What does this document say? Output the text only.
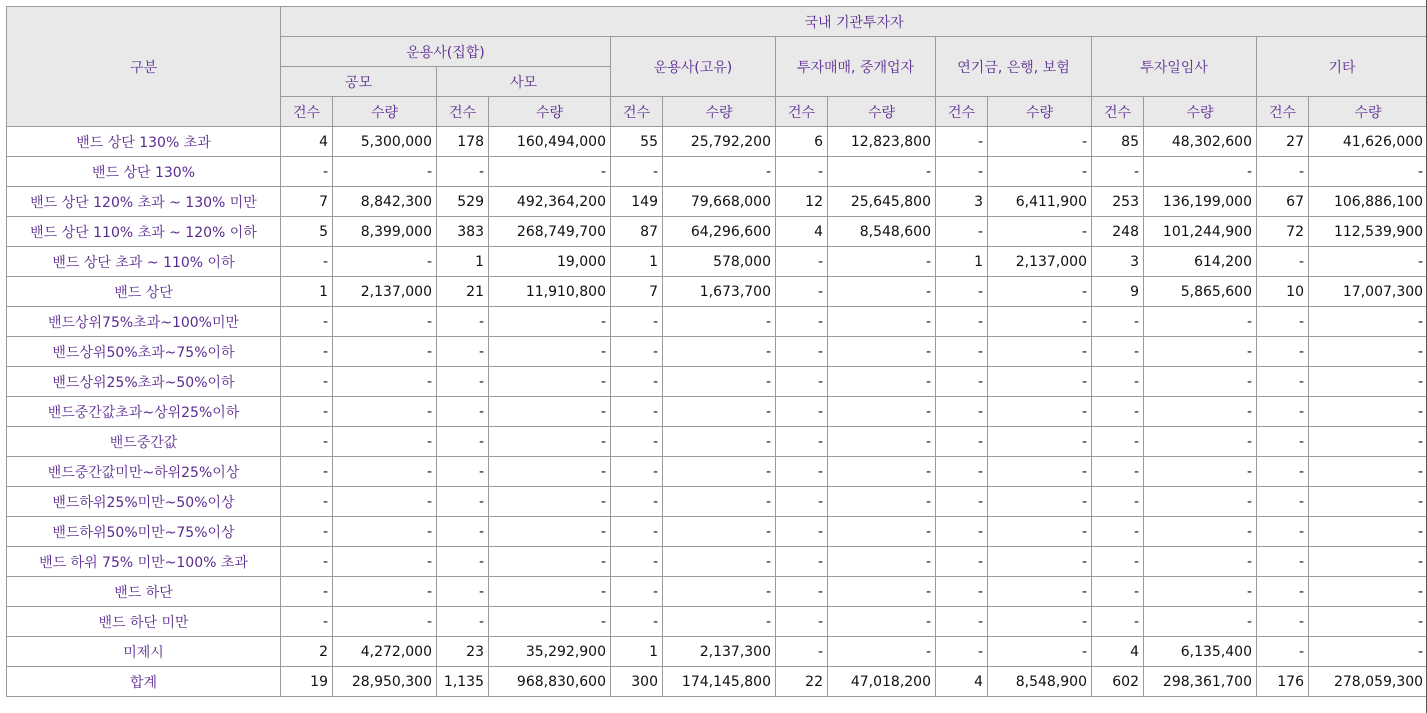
구분	국내 기관투자자													
	운용사(집합)				운용사(고유)		투자매매, 중개업자		연기금, 은행, 보험		투자일임사		기타	
	공모		사모											
	건수	수량	건수	수량	건수	수량	건수	수량	건수	수량	건수	수량	건수	수량
밴드 상단 130% 초과	4	5,300,000	178	160,494,000	55	25,792,200	6	12,823,800	-	-	85	48,302,600	27	41,626,000
밴드 상단 130%	-	-	-	-	-	-	-	-	-	-	-	-	-	-
밴드 상단 120% 초과 ~ 130% 미만	7	8,842,300	529	492,364,200	149	79,668,000	12	25,645,800	3	6,411,900	253	136,199,000	67	106,886,100
밴드 상단 110% 초과 ~ 120% 이하	5	8,399,000	383	268,749,700	87	64,296,600	4	8,548,600	-	-	248	101,244,900	72	112,539,900
밴드 상단 초과 ~ 110% 이하	-	-	1	19,000	1	578,000	-	-	1	2,137,000	3	614,200	-	-
밴드 상단	1	2,137,000	21	11,910,800	7	1,673,700	-	-	-	-	9	5,865,600	10	17,007,300
밴드상위75%초과~100%미만	-	-	-	-	-	-	-	-	-	-	-	-	-	-
밴드상위50%초과~75%이하	-	-	-	-	-	-	-	-	-	-	-	-	-	-
밴드상위25%초과~50%이하	-	-	-	-	-	-	-	-	-	-	-	-	-	-
밴드중간값초과~상위25%이하	-	-	-	-	-	-	-	-	-	-	-	-	-	-
밴드중간값	-	-	-	-	-	-	-	-	-	-	-	-	-	-
밴드중간값미만~하위25%이상	-	-	-	-	-	-	-	-	-	-	-	-	-	-
밴드하위25%미만~50%이상	-	-	-	-	-	-	-	-	-	-	-	-	-	-
밴드하위50%미만~75%이상	-	-	-	-	-	-	-	-	-	-	-	-	-	-
밴드 하위 75% 미만~100% 초과	-	-	-	-	-	-	-	-	-	-	-	-	-	-
밴드 하단	-	-	-	-	-	-	-	-	-	-	-	-	-	-
밴드 하단 미만	-	-	-	-	-	-	-	-	-	-	-	-	-	-
미제시	2	4,272,000	23	35,292,900	1	2,137,300	-	-	-	-	4	6,135,400	-	-
합계	19	28,950,300	1,135	968,830,600	300	174,145,800	22	47,018,200	4	8,548,900	602	298,361,700	176	278,059,300
